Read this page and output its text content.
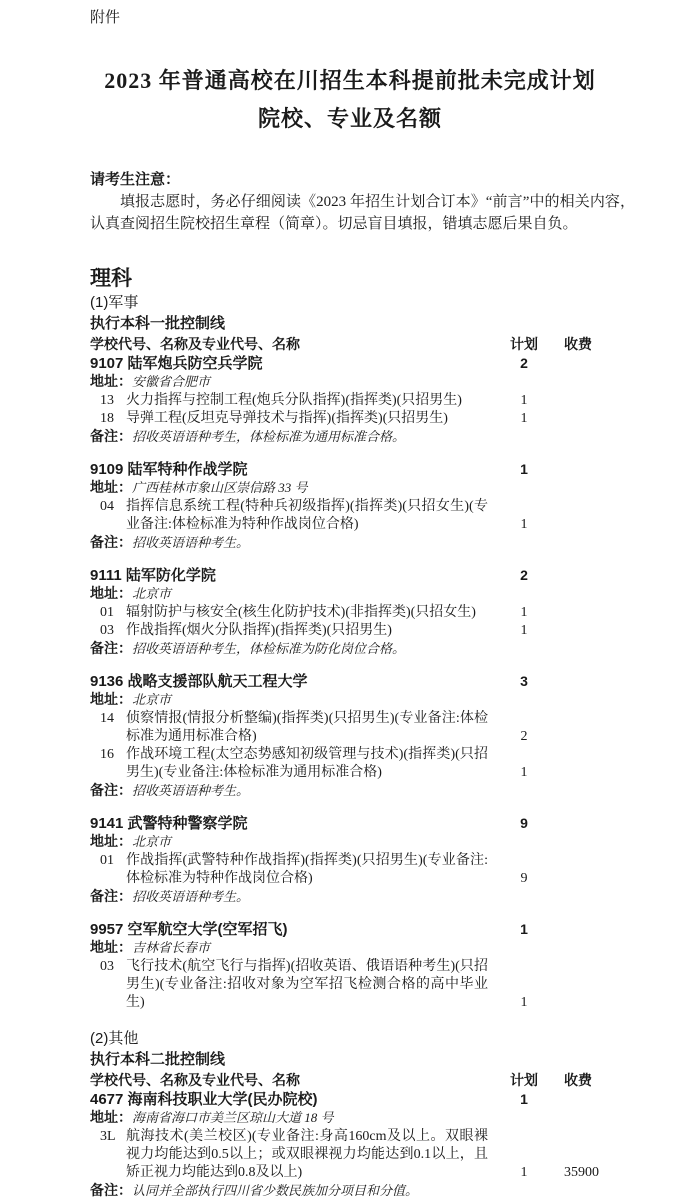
附件
2023 年普通高校在川招生本科提前批未完成计划
院校、专业及名额
请考生注意：

填报志愿时，务必仔细阅读《2023 年招生计划合订本》“前言”中的相关内容，认真查阅招生院校招生章程（简章）。切忌盲目填报，错填志愿后果自负。

理科
(1)军事
执行本科一批控制线
学校代号、名称及专业代号、名称	计划	收费
9107 陆军炮兵防空兵学院	2
地址：安徽省合肥市
13 火力指挥与控制工程(炮兵分队指挥)(指挥类)(只招男生)	1
18 导弹工程(反坦克导弹技术与指挥)(指挥类)(只招男生)	1
备注：招收英语语种考生，体检标准为通用标准合格。
9109 陆军特种作战学院	1
地址：广西桂林市象山区崇信路 33 号
04 指挥信息系统工程(特种兵初级指挥)(指挥类)(只招女生)(专业备注:体检标准为特种作战岗位合格)	1
备注：招收英语语种考生。
9111 陆军防化学院	2
地址：北京市
01 辐射防护与核安全(核生化防护技术)(非指挥类)(只招女生)	1
03 作战指挥(烟火分队指挥)(指挥类)(只招男生)	1
备注：招收英语语种考生，体检标准为防化岗位合格。
9136 战略支援部队航天工程大学	3
地址：北京市
14 侦察情报(情报分析整编)(指挥类)(只招男生)(专业备注:体检标准为通用标准合格)	2
16 作战环境工程(太空态势感知初级管理与技术)(指挥类)(只招男生)(专业备注:体检标准为通用标准合格)	1
备注：招收英语语种考生。
9141 武警特种警察学院	9
地址：北京市
01 作战指挥(武警特种作战指挥)(指挥类)(只招男生)(专业备注:体检标准为特种作战岗位合格)	9
备注：招收英语语种考生。
9957 空军航空大学(空军招飞)	1
地址：吉林省长春市
03 飞行技术(航空飞行与指挥)(招收英语、俄语语种考生)(只招男生)(专业备注:招收对象为空军招飞检测合格的高中毕业生)	1
(2)其他
执行本科二批控制线
学校代号、名称及专业代号、名称	计划	收费
4677 海南科技职业大学(民办院校)	1
地址：海南省海口市美兰区琼山大道 18 号
3L 航海技术(美兰校区)(专业备注:身高160cm及以上。双眼裸视力均能达到0.5以上；或双眼裸视力均能达到0.1以上，且矫正视力均能达到0.8及以上)	1	35900
备注：认同并全部执行四川省少数民族加分项目和分值。
